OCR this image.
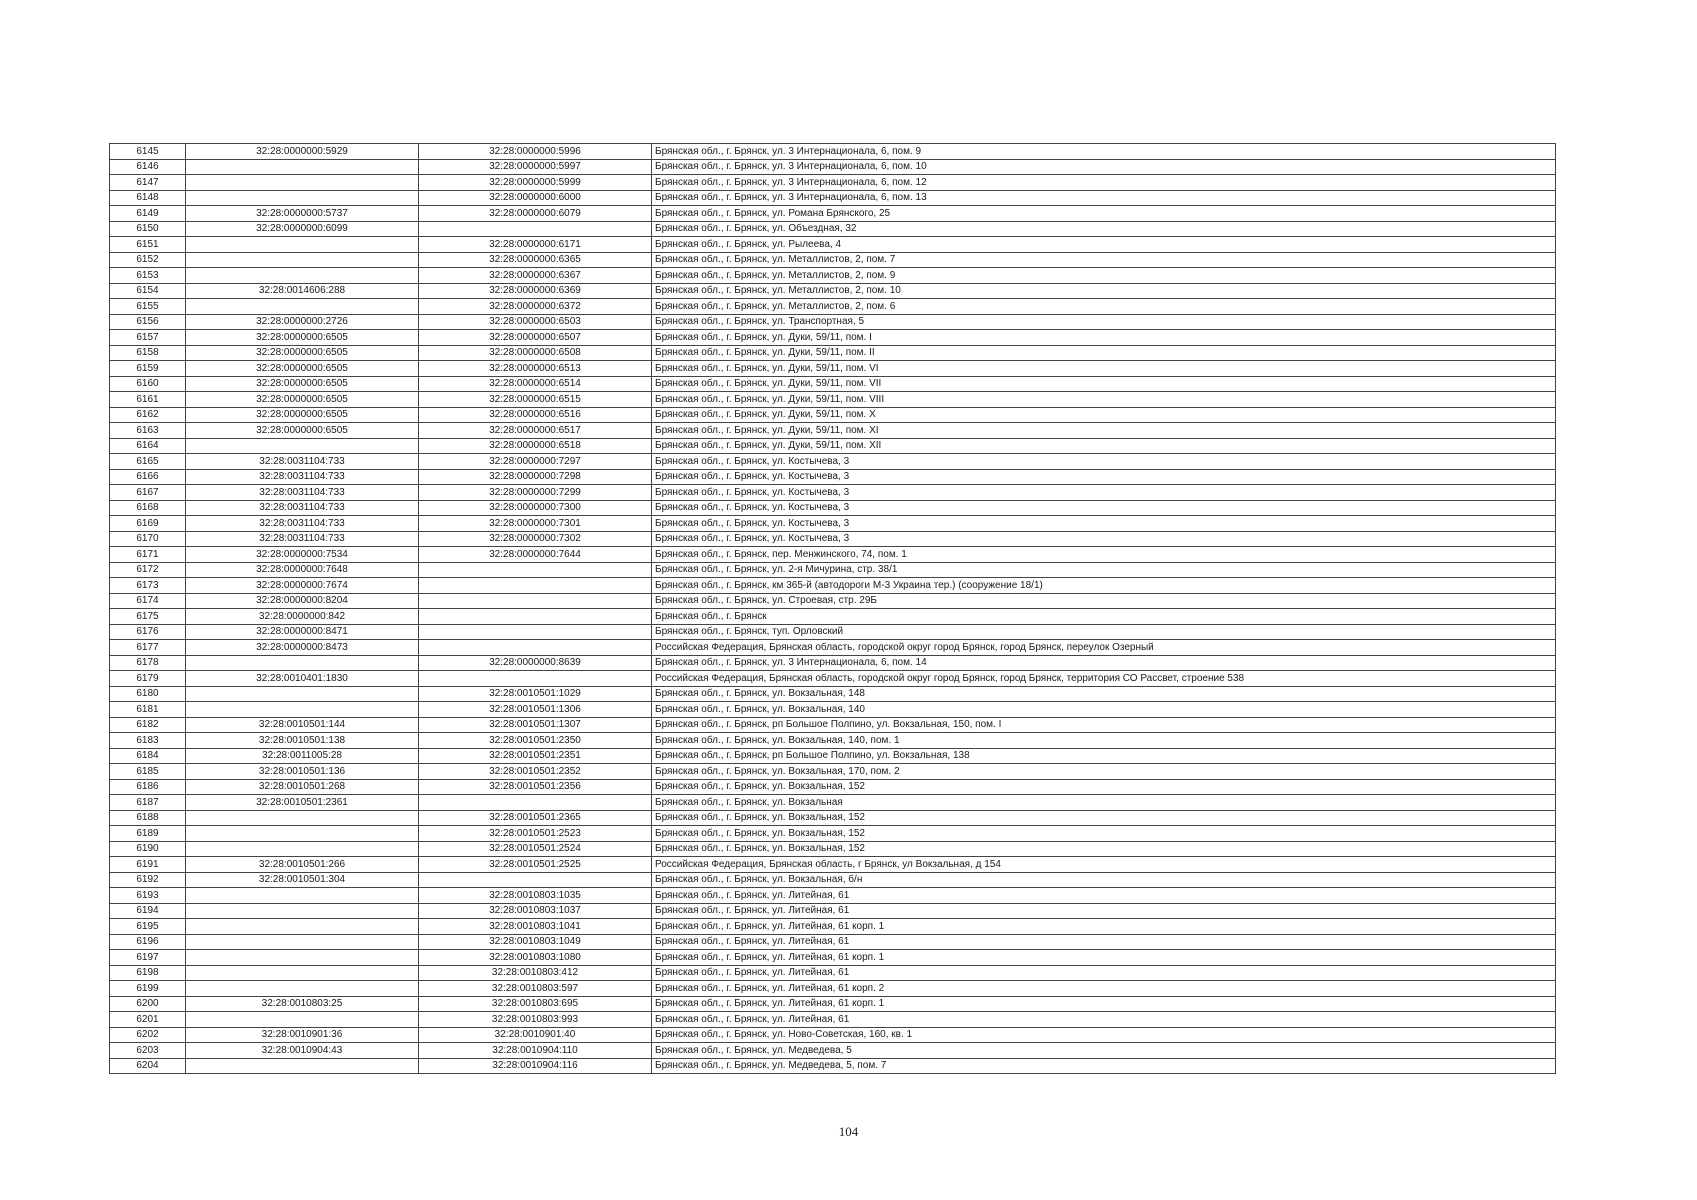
6145	32:28:0000000:5929	32:28:0000000:5996	Брянская обл., г. Брянск, ул. 3 Интернационала, 6, пом. 9
6146		32:28:0000000:5997	Брянская обл., г. Брянск, ул. 3 Интернационала, 6, пом. 10
6147		32:28:0000000:5999	Брянская обл., г. Брянск, ул. 3 Интернационала, 6, пом. 12
6148		32:28:0000000:6000	Брянская обл., г. Брянск, ул. 3 Интернационала, 6, пом. 13
6149	32:28:0000000:5737	32:28:0000000:6079	Брянская обл., г. Брянск, ул. Романа Брянского, 25
6150	32:28:0000000:6099		Брянская обл., г. Брянск, ул. Объездная, 32
6151		32:28:0000000:6171	Брянская обл., г. Брянск, ул. Рылеева, 4
6152		32:28:0000000:6365	Брянская обл., г. Брянск, ул. Металлистов, 2, пом. 7
6153		32:28:0000000:6367	Брянская обл., г. Брянск, ул. Металлистов, 2, пом. 9
6154	32:28:0014606:288	32:28:0000000:6369	Брянская обл., г. Брянск, ул. Металлистов, 2, пом. 10
6155		32:28:0000000:6372	Брянская обл., г. Брянск, ул. Металлистов, 2, пом. 6
6156	32:28:0000000:2726	32:28:0000000:6503	Брянская обл., г. Брянск, ул. Транспортная, 5
6157	32:28:0000000:6505	32:28:0000000:6507	Брянская обл., г. Брянск, ул. Дуки, 59/11, пом. I
6158	32:28:0000000:6505	32:28:0000000:6508	Брянская обл., г. Брянск, ул. Дуки, 59/11, пом. II
6159	32:28:0000000:6505	32:28:0000000:6513	Брянская обл., г. Брянск, ул. Дуки, 59/11, пом. VI
6160	32:28:0000000:6505	32:28:0000000:6514	Брянская обл., г. Брянск, ул. Дуки, 59/11, пом. VII
6161	32:28:0000000:6505	32:28:0000000:6515	Брянская обл., г. Брянск, ул. Дуки, 59/11, пом. VIII
6162	32:28:0000000:6505	32:28:0000000:6516	Брянская обл., г. Брянск, ул. Дуки, 59/11, пом. X
6163	32:28:0000000:6505	32:28:0000000:6517	Брянская обл., г. Брянск, ул. Дуки, 59/11, пом. XI
6164		32:28:0000000:6518	Брянская обл., г. Брянск, ул. Дуки, 59/11, пом. XII
6165	32:28:0031104:733	32:28:0000000:7297	Брянская обл., г. Брянск, ул. Костычева, 3
6166	32:28:0031104:733	32:28:0000000:7298	Брянская обл., г. Брянск, ул. Костычева, 3
6167	32:28:0031104:733	32:28:0000000:7299	Брянская обл., г. Брянск, ул. Костычева, 3
6168	32:28:0031104:733	32:28:0000000:7300	Брянская обл., г. Брянск, ул. Костычева, 3
6169	32:28:0031104:733	32:28:0000000:7301	Брянская обл., г. Брянск, ул. Костычева, 3
6170	32:28:0031104:733	32:28:0000000:7302	Брянская обл., г. Брянск, ул. Костычева, 3
6171	32:28:0000000:7534	32:28:0000000:7644	Брянская обл., г. Брянск, пер. Менжинского, 74, пом. 1
6172	32:28:0000000:7648		Брянская обл., г. Брянск, ул. 2-я Мичурина, стр. 38/1
6173	32:28:0000000:7674		Брянская обл., г. Брянск, км 365-й (автодороги М-3 Украина тер.) (сооружение 18/1)
6174	32:28:0000000:8204		Брянская обл., г. Брянск, ул. Строевая, стр. 29Б
6175	32:28:0000000:842		Брянская обл., г. Брянск
6176	32:28:0000000:8471		Брянская обл., г. Брянск, туп. Орловский
6177	32:28:0000000:8473		Российская Федерация, Брянская область, городской округ город Брянск, город Брянск, переулок Озерный
6178		32:28:0000000:8639	Брянская обл., г. Брянск, ул. 3 Интернационала, 6, пом. 14
6179	32:28:0010401:1830		Российская Федерация, Брянская область, городской округ город Брянск, город Брянск, территория СО Рассвет, строение 538
6180		32:28:0010501:1029	Брянская обл., г. Брянск, ул. Вокзальная, 148
6181		32:28:0010501:1306	Брянская обл., г. Брянск, ул. Вокзальная, 140
6182	32:28:0010501:144	32:28:0010501:1307	Брянская обл., г. Брянск, рп Большое Полпино, ул. Вокзальная, 150, пом. I
6183	32:28:0010501:138	32:28:0010501:2350	Брянская обл., г. Брянск, ул. Вокзальная, 140, пом. 1
6184	32:28:0011005:28	32:28:0010501:2351	Брянская обл., г. Брянск, рп Большое Полпино, ул. Вокзальная, 138
6185	32:28:0010501:136	32:28:0010501:2352	Брянская обл., г. Брянск, ул. Вокзальная, 170, пом. 2
6186	32:28:0010501:268	32:28:0010501:2356	Брянская обл., г. Брянск, ул. Вокзальная, 152
6187	32:28:0010501:2361		Брянская обл., г. Брянск, ул. Вокзальная
6188		32:28:0010501:2365	Брянская обл., г. Брянск, ул. Вокзальная, 152
6189		32:28:0010501:2523	Брянская обл., г. Брянск, ул. Вокзальная, 152
6190		32:28:0010501:2524	Брянская обл., г. Брянск, ул. Вокзальная, 152
6191	32:28:0010501:266	32:28:0010501:2525	Российская Федерация, Брянская область, г Брянск, ул Вокзальная, д 154
6192	32:28:0010501:304		Брянская обл., г. Брянск, ул. Вокзальная, б/н
6193		32:28:0010803:1035	Брянская обл., г. Брянск, ул. Литейная, 61
6194		32:28:0010803:1037	Брянская обл., г. Брянск, ул. Литейная, 61
6195		32:28:0010803:1041	Брянская обл., г. Брянск, ул. Литейная, 61 корп. 1
6196		32:28:0010803:1049	Брянская обл., г. Брянск, ул. Литейная, 61
6197		32:28:0010803:1080	Брянская обл., г. Брянск, ул. Литейная, 61 корп. 1
6198		32:28:0010803:412	Брянская обл., г. Брянск, ул. Литейная, 61
6199		32:28:0010803:597	Брянская обл., г. Брянск, ул. Литейная, 61 корп. 2
6200	32:28:0010803:25	32:28:0010803:695	Брянская обл., г. Брянск, ул. Литейная, 61 корп. 1
6201		32:28:0010803:993	Брянская обл., г. Брянск, ул. Литейная, 61
6202	32:28:0010901:36	32:28:0010901:40	Брянская обл., г. Брянск, ул. Ново-Советская, 160, кв. 1
6203	32:28:0010904:43	32:28:0010904:110	Брянская обл., г. Брянск, ул. Медведева, 5
6204		32:28:0010904:116	Брянская обл., г. Брянск, ул. Медведева, 5, пом. 7
104
